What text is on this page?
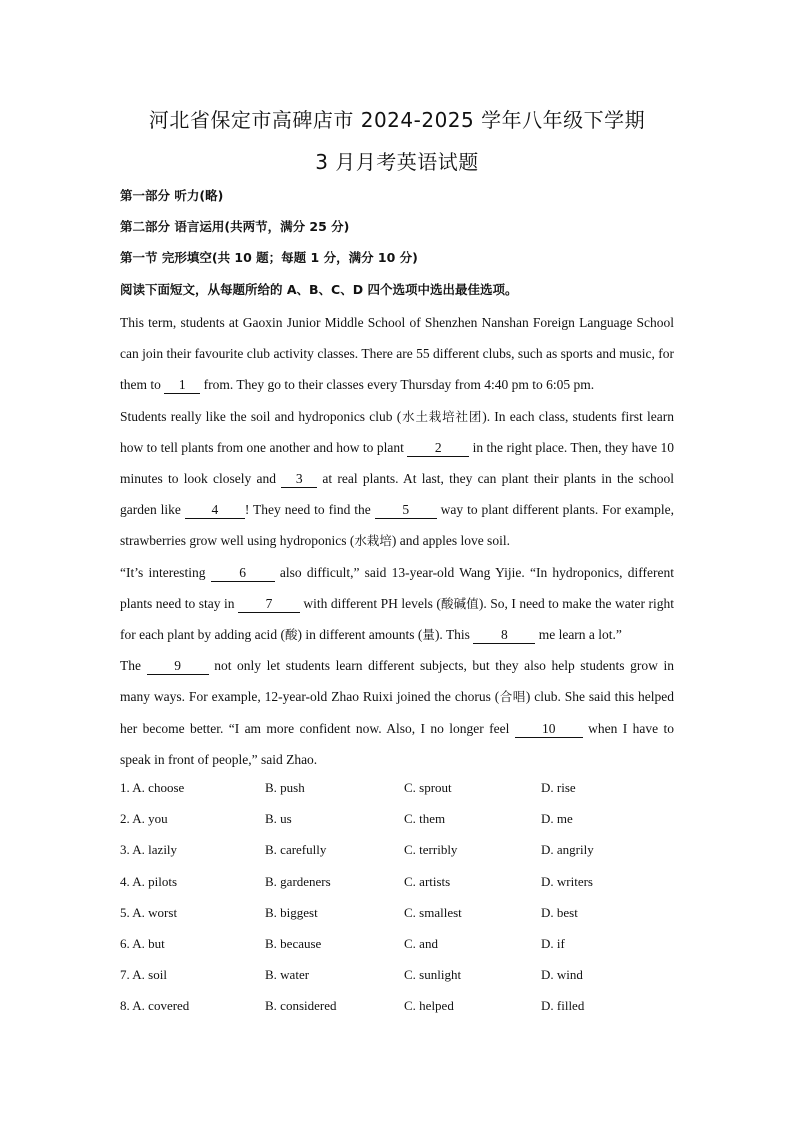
河北省保定市高碑店市 2024-2025 学年八年级下学期
3 月月考英语试题
第一部分 听力(略)
第二部分 语言运用(共两节，满分 25 分)
第一节 完形填空(共 10 题；每题 1 分，满分 10 分)
阅读下面短文，从每题所给的 A、B、C、D 四个选项中选出最佳选项。

This term, students at Gaoxin Junior Middle School of Shenzhen Nanshan Foreign Language School can join their favourite club activity classes. There are 55 different clubs, such as sports and music, for them to 1 from. They go to their classes every Thursday from 4:40 pm to 6:05 pm.

Students really like the soil and hydroponics club (水土栽培社团). In each class, students first learn how to tell plants from one another and how to plant 2 in the right place. Then, they have 10 minutes to look closely and 3 at real plants. At last, they can plant their plants in the school garden like 4 ! They need to find the 5 way to plant different plants. For example, strawberries grow well using hydroponics (水栽培) and apples love soil.

“It’s interesting 6 also difficult,” said 13-year-old Wang Yijie. “In hydroponics, different plants need to stay in 7 with different PH levels (酸碱值). So, I need to make the water right for each plant by adding acid (酸) in different amounts (量). This 8 me learn a lot.”

The 9 not only let students learn different subjects, but they also help students grow in many ways. For example, 12-year-old Zhao Ruixi joined the chorus (合唱) club. She said this helped her become better. “I am more confident now. Also, I no longer feel 10 when I have to speak in front of people,” said Zhao.

1. A. choose	B. push	C. sprout	D. rise
2. A. you	B. us	C. them	D. me
3. A. lazily	B. carefully	C. terribly	D. angrily
4. A. pilots	B. gardeners	C. artists	D. writers
5. A. worst	B. biggest	C. smallest	D. best
6. A. but	B. because	C. and	D. if
7. A. soil	B. water	C. sunlight	D. wind
8. A. covered	B. considered	C. helped	D. filled
